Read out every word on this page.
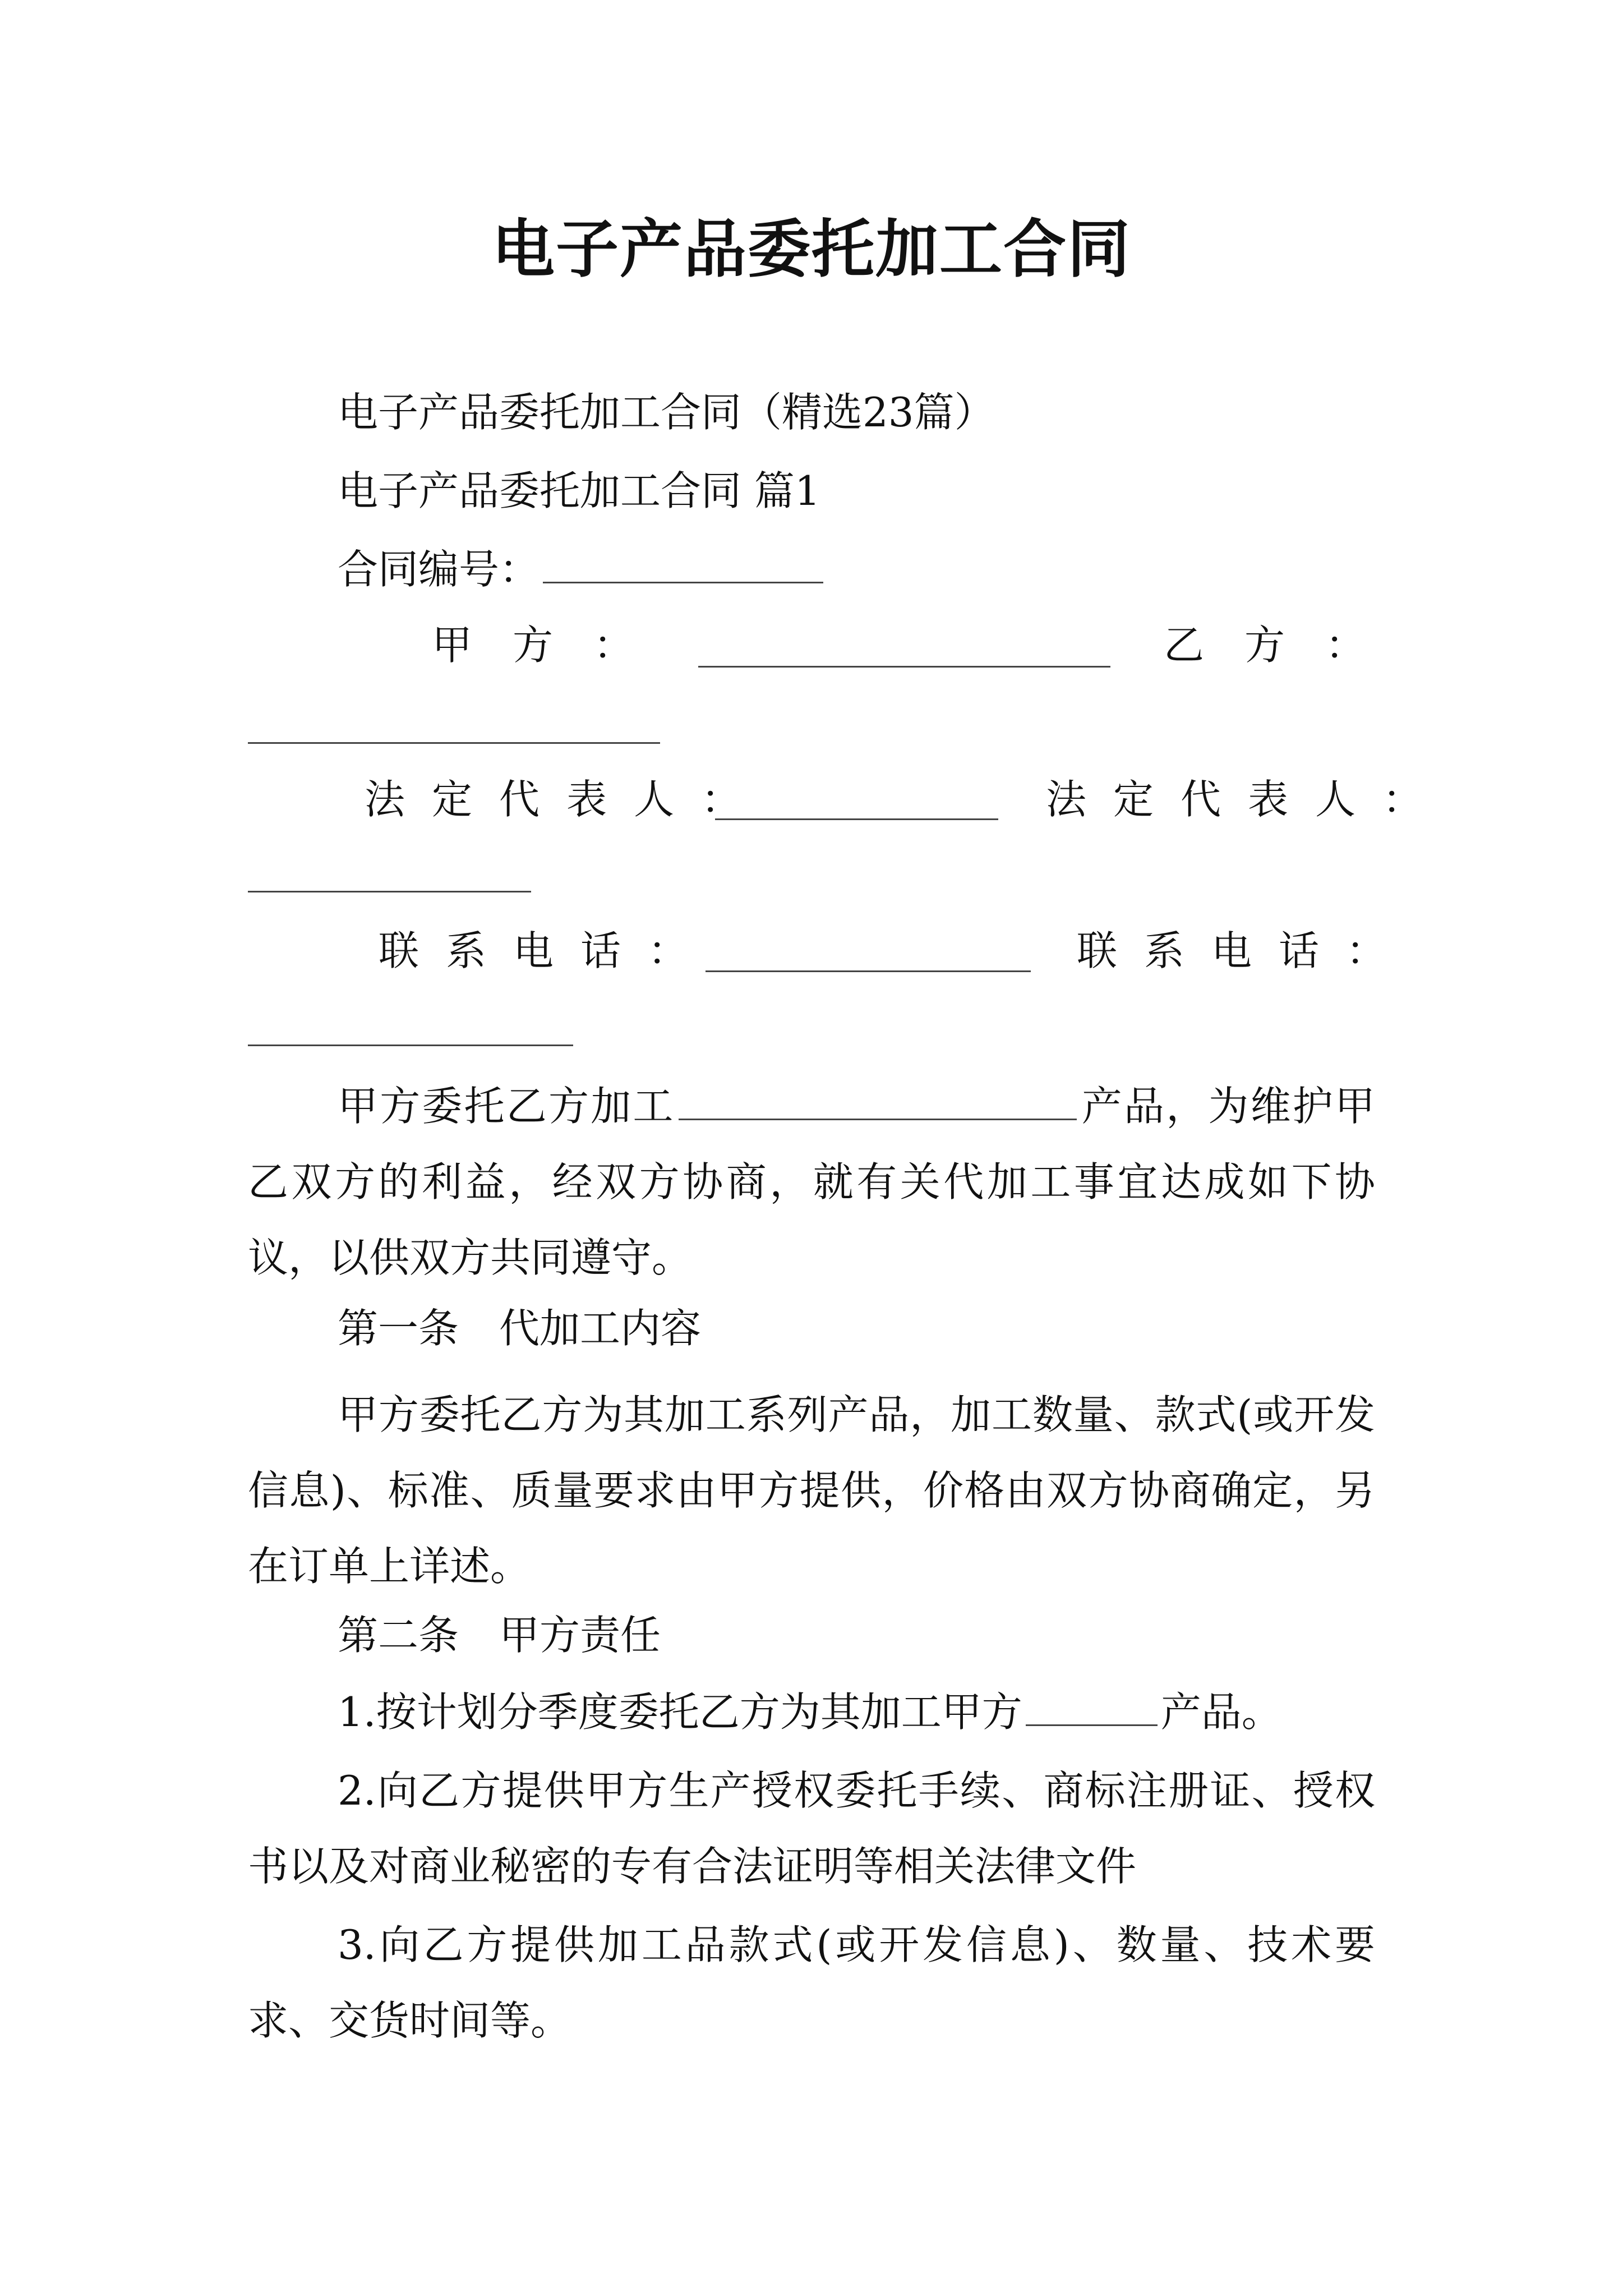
电子产品委托加工合同
电子产品委托加工合同（精选23篇）
电子产品委托加工合同 篇1
合同编号：
甲　方　：	乙　方　：
法定代表人：	法定代表人：
联系电话：	联系电话：
甲方委托乙方加工	产品，为维护甲乙双方的利益，经双方协商，就有关代加工事宜达成如下协议，以供双方共同遵守。
第一条　代加工内容
甲方委托乙方为其加工系列产品，加工数量、款式(或开发信息)、标准、质量要求由甲方提供，价格由双方协商确定，另在订单上详述。
第二条　甲方责任
1.按计划分季度委托乙方为其加工甲方	产品。
2.向乙方提供甲方生产授权委托手续、商标注册证、授权书以及对商业秘密的专有合法证明等相关法律文件
3.向乙方提供加工品款式(或开发信息)、数量、技术要求、交货时间等。
